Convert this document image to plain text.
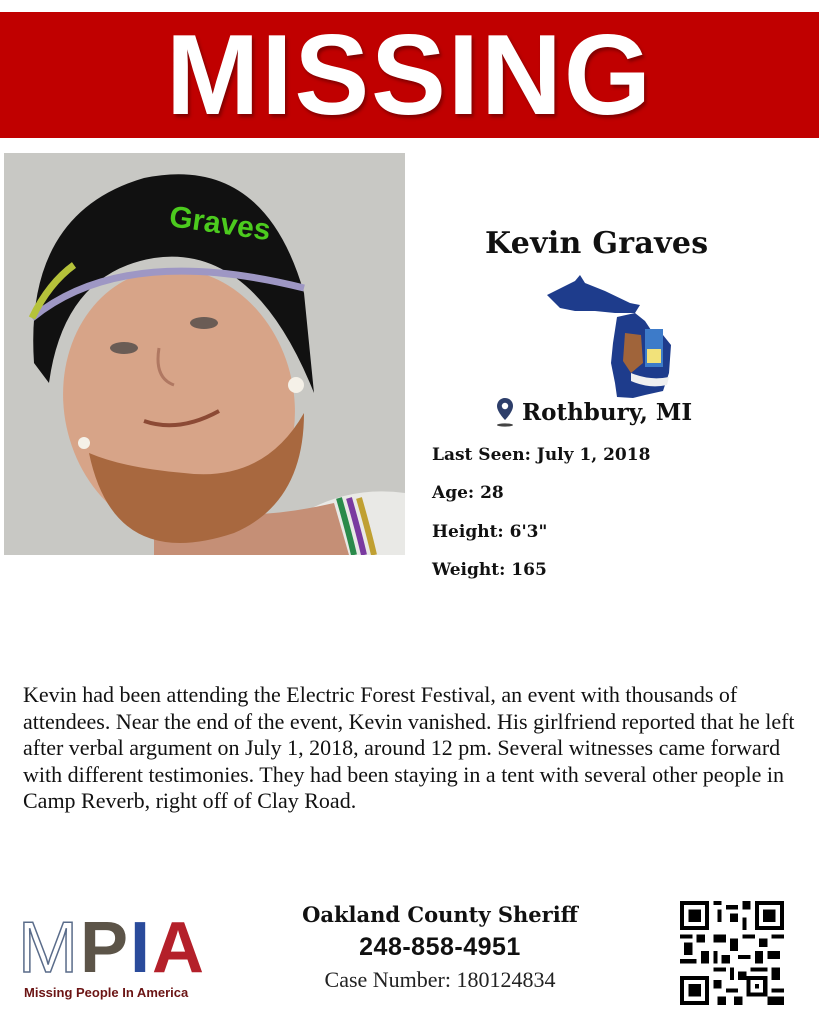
MISSING
Graves	Kevin Graves
Rothbury, MI
Last Seen: July 1, 2018
Age: 28
Height: 6'3"
Weight: 165
Kevin had been attending the Electric Forest Festival, an event with thousands of attendees. Near the end of the event, Kevin vanished. His girlfriend reported that he left after verbal argument on July 1, 2018, around 12 pm. Several witnesses came forward with different testimonies. They had been staying in a tent with several other people in Camp Reverb, right off of Clay Road.
M P I A
Missing People In America
Oakland County Sheriff
248-858-4951
Case Number: 180124834
